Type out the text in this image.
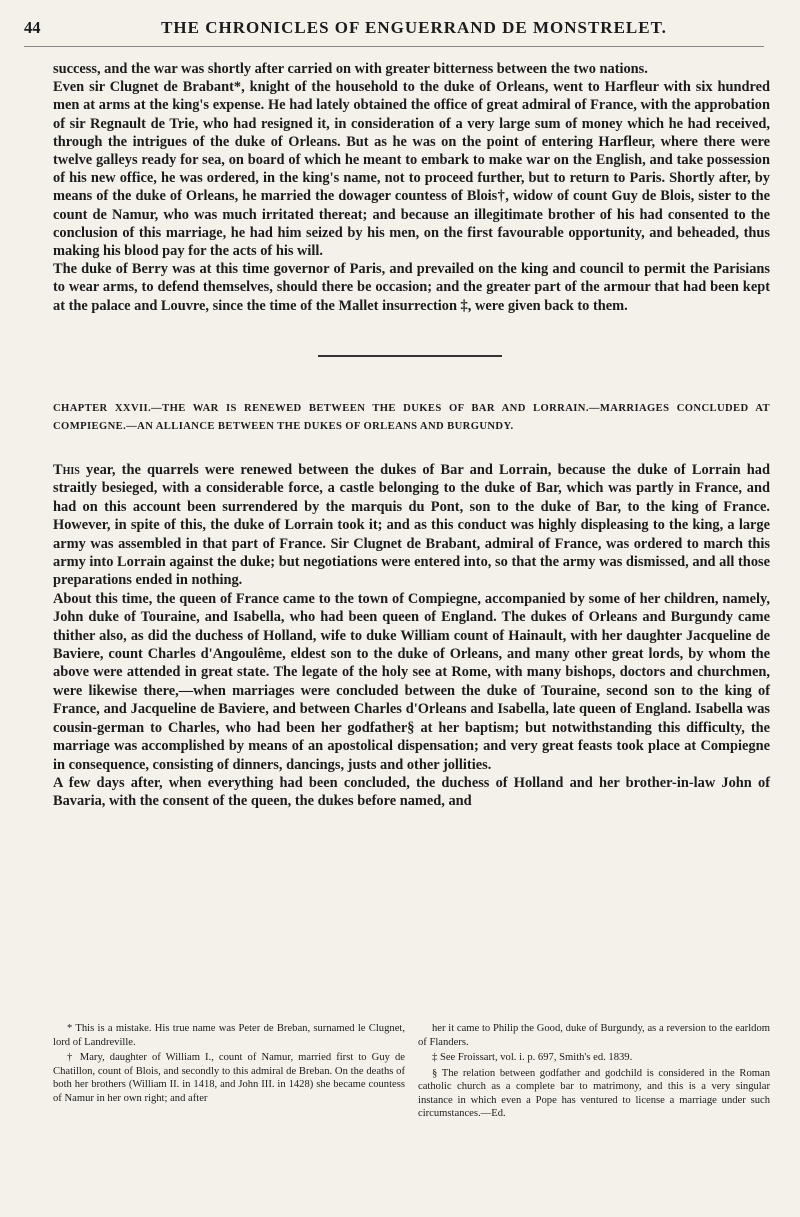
44	THE CHRONICLES OF ENGUERRAND DE MONSTRELET.

success, and the war was shortly after carried on with greater bitterness between the two nations.

Even sir Clugnet de Brabant*, knight of the household to the duke of Orleans, went to Harfleur with six hundred men at arms at the king's expense. He had lately obtained the office of great admiral of France, with the approbation of sir Regnault de Trie, who had resigned it, in consideration of a very large sum of money which he had received, through the intrigues of the duke of Orleans. But as he was on the point of entering Harfleur, where there were twelve galleys ready for sea, on board of which he meant to embark to make war on the English, and take possession of his new office, he was ordered, in the king's name, not to proceed further, but to return to Paris. Shortly after, by means of the duke of Orleans, he married the dowager countess of Blois†, widow of count Guy de Blois, sister to the count de Namur, who was much irritated thereat; and because an illegitimate brother of his had consented to the conclusion of this marriage, he had him seized by his men, on the first favourable opportunity, and beheaded, thus making his blood pay for the acts of his will.

The duke of Berry was at this time governor of Paris, and prevailed on the king and council to permit the Parisians to wear arms, to defend themselves, should there be occasion; and the greater part of the armour that had been kept at the palace and Louvre, since the time of the Mallet insurrection ‡, were given back to them.

CHAPTER XXVII.—THE WAR IS RENEWED BETWEEN THE DUKES OF BAR AND LORRAIN.—MARRIAGES CONCLUDED AT COMPIEGNE.—AN ALLIANCE BETWEEN THE DUKES OF ORLEANS AND BURGUNDY.

This year, the quarrels were renewed between the dukes of Bar and Lorrain, because the duke of Lorrain had straitly besieged, with a considerable force, a castle belonging to the duke of Bar, which was partly in France, and had on this account been surrendered by the marquis du Pont, son to the duke of Bar, to the king of France. However, in spite of this, the duke of Lorrain took it; and as this conduct was highly displeasing to the king, a large army was assembled in that part of France. Sir Clugnet de Brabant, admiral of France, was ordered to march this army into Lorrain against the duke; but negotiations were entered into, so that the army was dismissed, and all those preparations ended in nothing.

About this time, the queen of France came to the town of Compiegne, accompanied by some of her children, namely, John duke of Touraine, and Isabella, who had been queen of England. The dukes of Orleans and Burgundy came thither also, as did the duchess of Holland, wife to duke William count of Hainault, with her daughter Jacqueline de Baviere, count Charles d'Angoulême, eldest son to the duke of Orleans, and many other great lords, by whom the above were attended in great state. The legate of the holy see at Rome, with many bishops, doctors and churchmen, were likewise there,—when marriages were concluded between the duke of Touraine, second son to the king of France, and Jacqueline de Baviere, and between Charles d'Orleans and Isabella, late queen of England. Isabella was cousin-german to Charles, who had been her godfather§ at her baptism; but notwithstanding this difficulty, the marriage was accomplished by means of an apostolical dispensation; and very great feasts took place at Compiegne in consequence, consisting of dinners, dancings, justs and other jollities.

A few days after, when everything had been concluded, the duchess of Holland and her brother-in-law John of Bavaria, with the consent of the queen, the dukes before named, and

* This is a mistake. His true name was Peter de Breban, surnamed le Clugnet, lord of Landreville.

† Mary, daughter of William I., count of Namur, married first to Guy de Chatillon, count of Blois, and secondly to this admiral de Breban. On the deaths of both her brothers (William II. in 1418, and John III. in 1428) she became countess of Namur in her own right; and after

her it came to Philip the Good, duke of Burgundy, as a reversion to the earldom of Flanders.

‡ See Froissart, vol. i. p. 697, Smith's ed. 1839.

§ The relation between godfather and godchild is considered in the Roman catholic church as a complete bar to matrimony, and this is a very singular instance in which even a Pope has ventured to license a marriage under such circumstances.—Ed.
